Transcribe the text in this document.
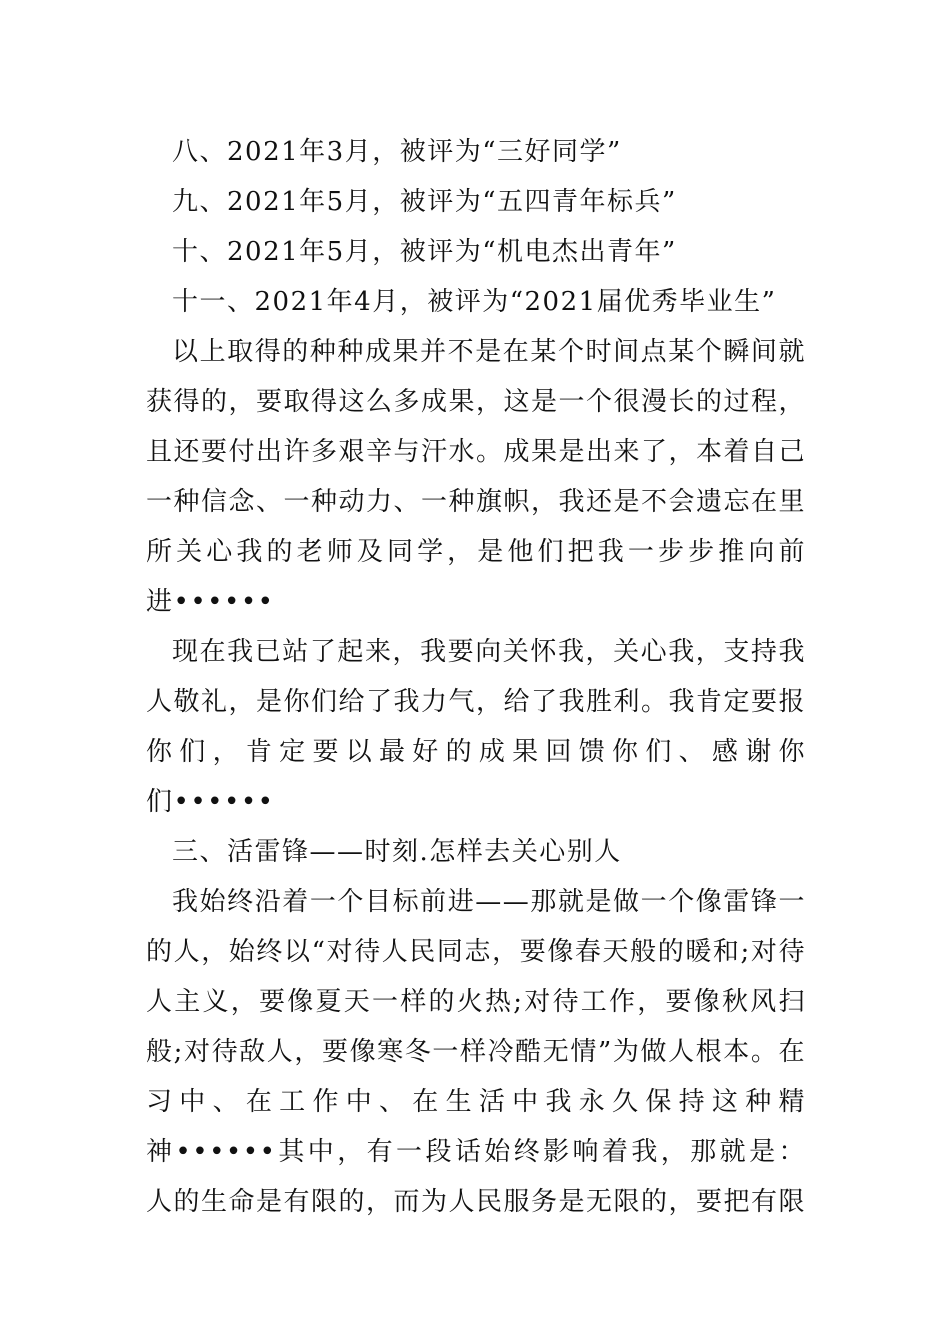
八、2021年3月，被评为“三好同学”
九、2021年5月，被评为“五四青年标兵”
十、2021年5月，被评为“机电杰出青年”
十一、2021年4月，被评为“2021届优秀毕业生”
以上取得的种种成果并不是在某个时间点某个瞬间就
获得的，要取得这么多成果，这是一个很漫长的过程，
且还要付出许多艰辛与汗水。成果是出来了，本着自己
一种信念、一种动力、一种旗帜，我还是不会遗忘在里
所关心我的老师及同学，是他们把我一步步推向前
进••••••
现在我已站了起来，我要向关怀我，关心我，支持我
人敬礼，是你们给了我力气，给了我胜利。我肯定要报
你们，肯定要以最好的成果回馈你们、感谢你
们••••••
三、活雷锋——时刻.怎样去关心别人
我始终沿着一个目标前进——那就是做一个像雷锋一
的人，始终以“对待人民同志，要像春天般的暖和;对待
人主义，要像夏天一样的火热;对待工作，要像秋风扫
般;对待敌人，要像寒冬一样冷酷无情”为做人根本。在
习中、在工作中、在生活中我永久保持这种精
神••••••其中，有一段话始终影响着我，那就是：
人的生命是有限的，而为人民服务是无限的，要把有限
